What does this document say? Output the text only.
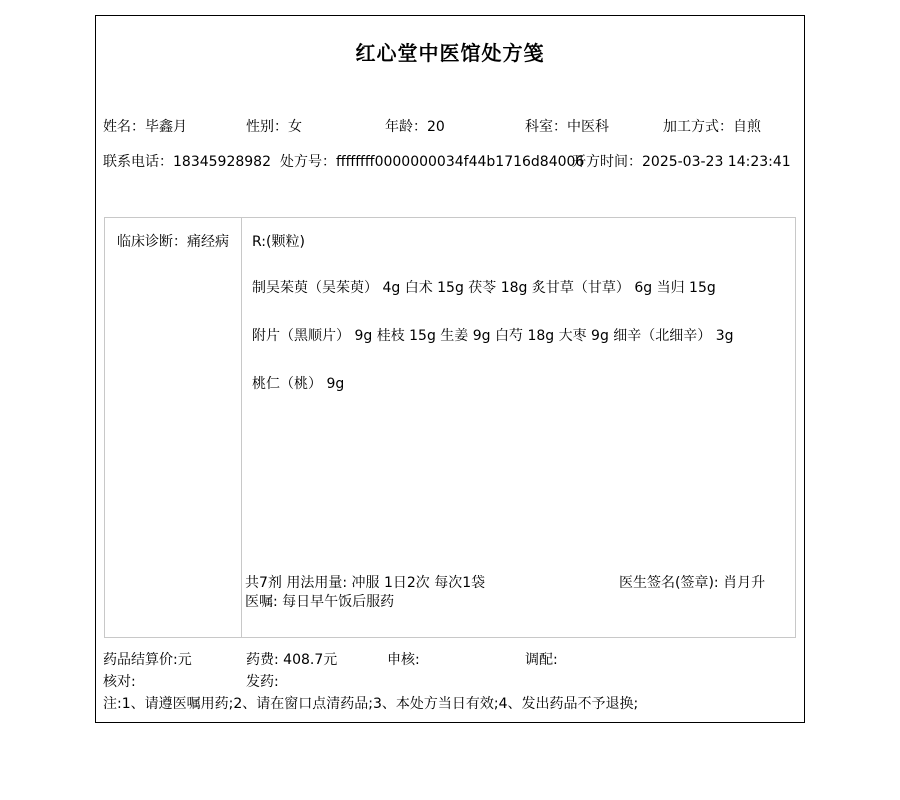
红心堂中医馆处方笺
姓名：毕鑫月	性别：女	年龄：20	科室：中医科	加工方式：自煎
联系电话：18345928982 处方号：ffffffff0000000034f44b1716d84006
开方时间：2025-03-23 14:23:41
临床诊断：痛经病 R:(颗粒)
制吴茱萸（吴茱萸） 4g 白术 15g 茯苓 18g 炙甘草（甘草） 6g 当归 15g
附片（黑顺片） 9g 桂枝 15g 生姜 9g 白芍 18g 大枣 9g 细辛（北细辛） 3g
桃仁（桃） 9g
共7剂 用法用量: 冲服 1日2次 每次1袋
医嘱: 每日早午饭后服药
医生签名(签章): 肖月升
药品结算价:元	药费: 408.7元	申核:	调配:
核对:	发药:
注:1、请遵医嘱用药;2、请在窗口点清药品;3、本处方当日有效;4、发出药品不予退换;
